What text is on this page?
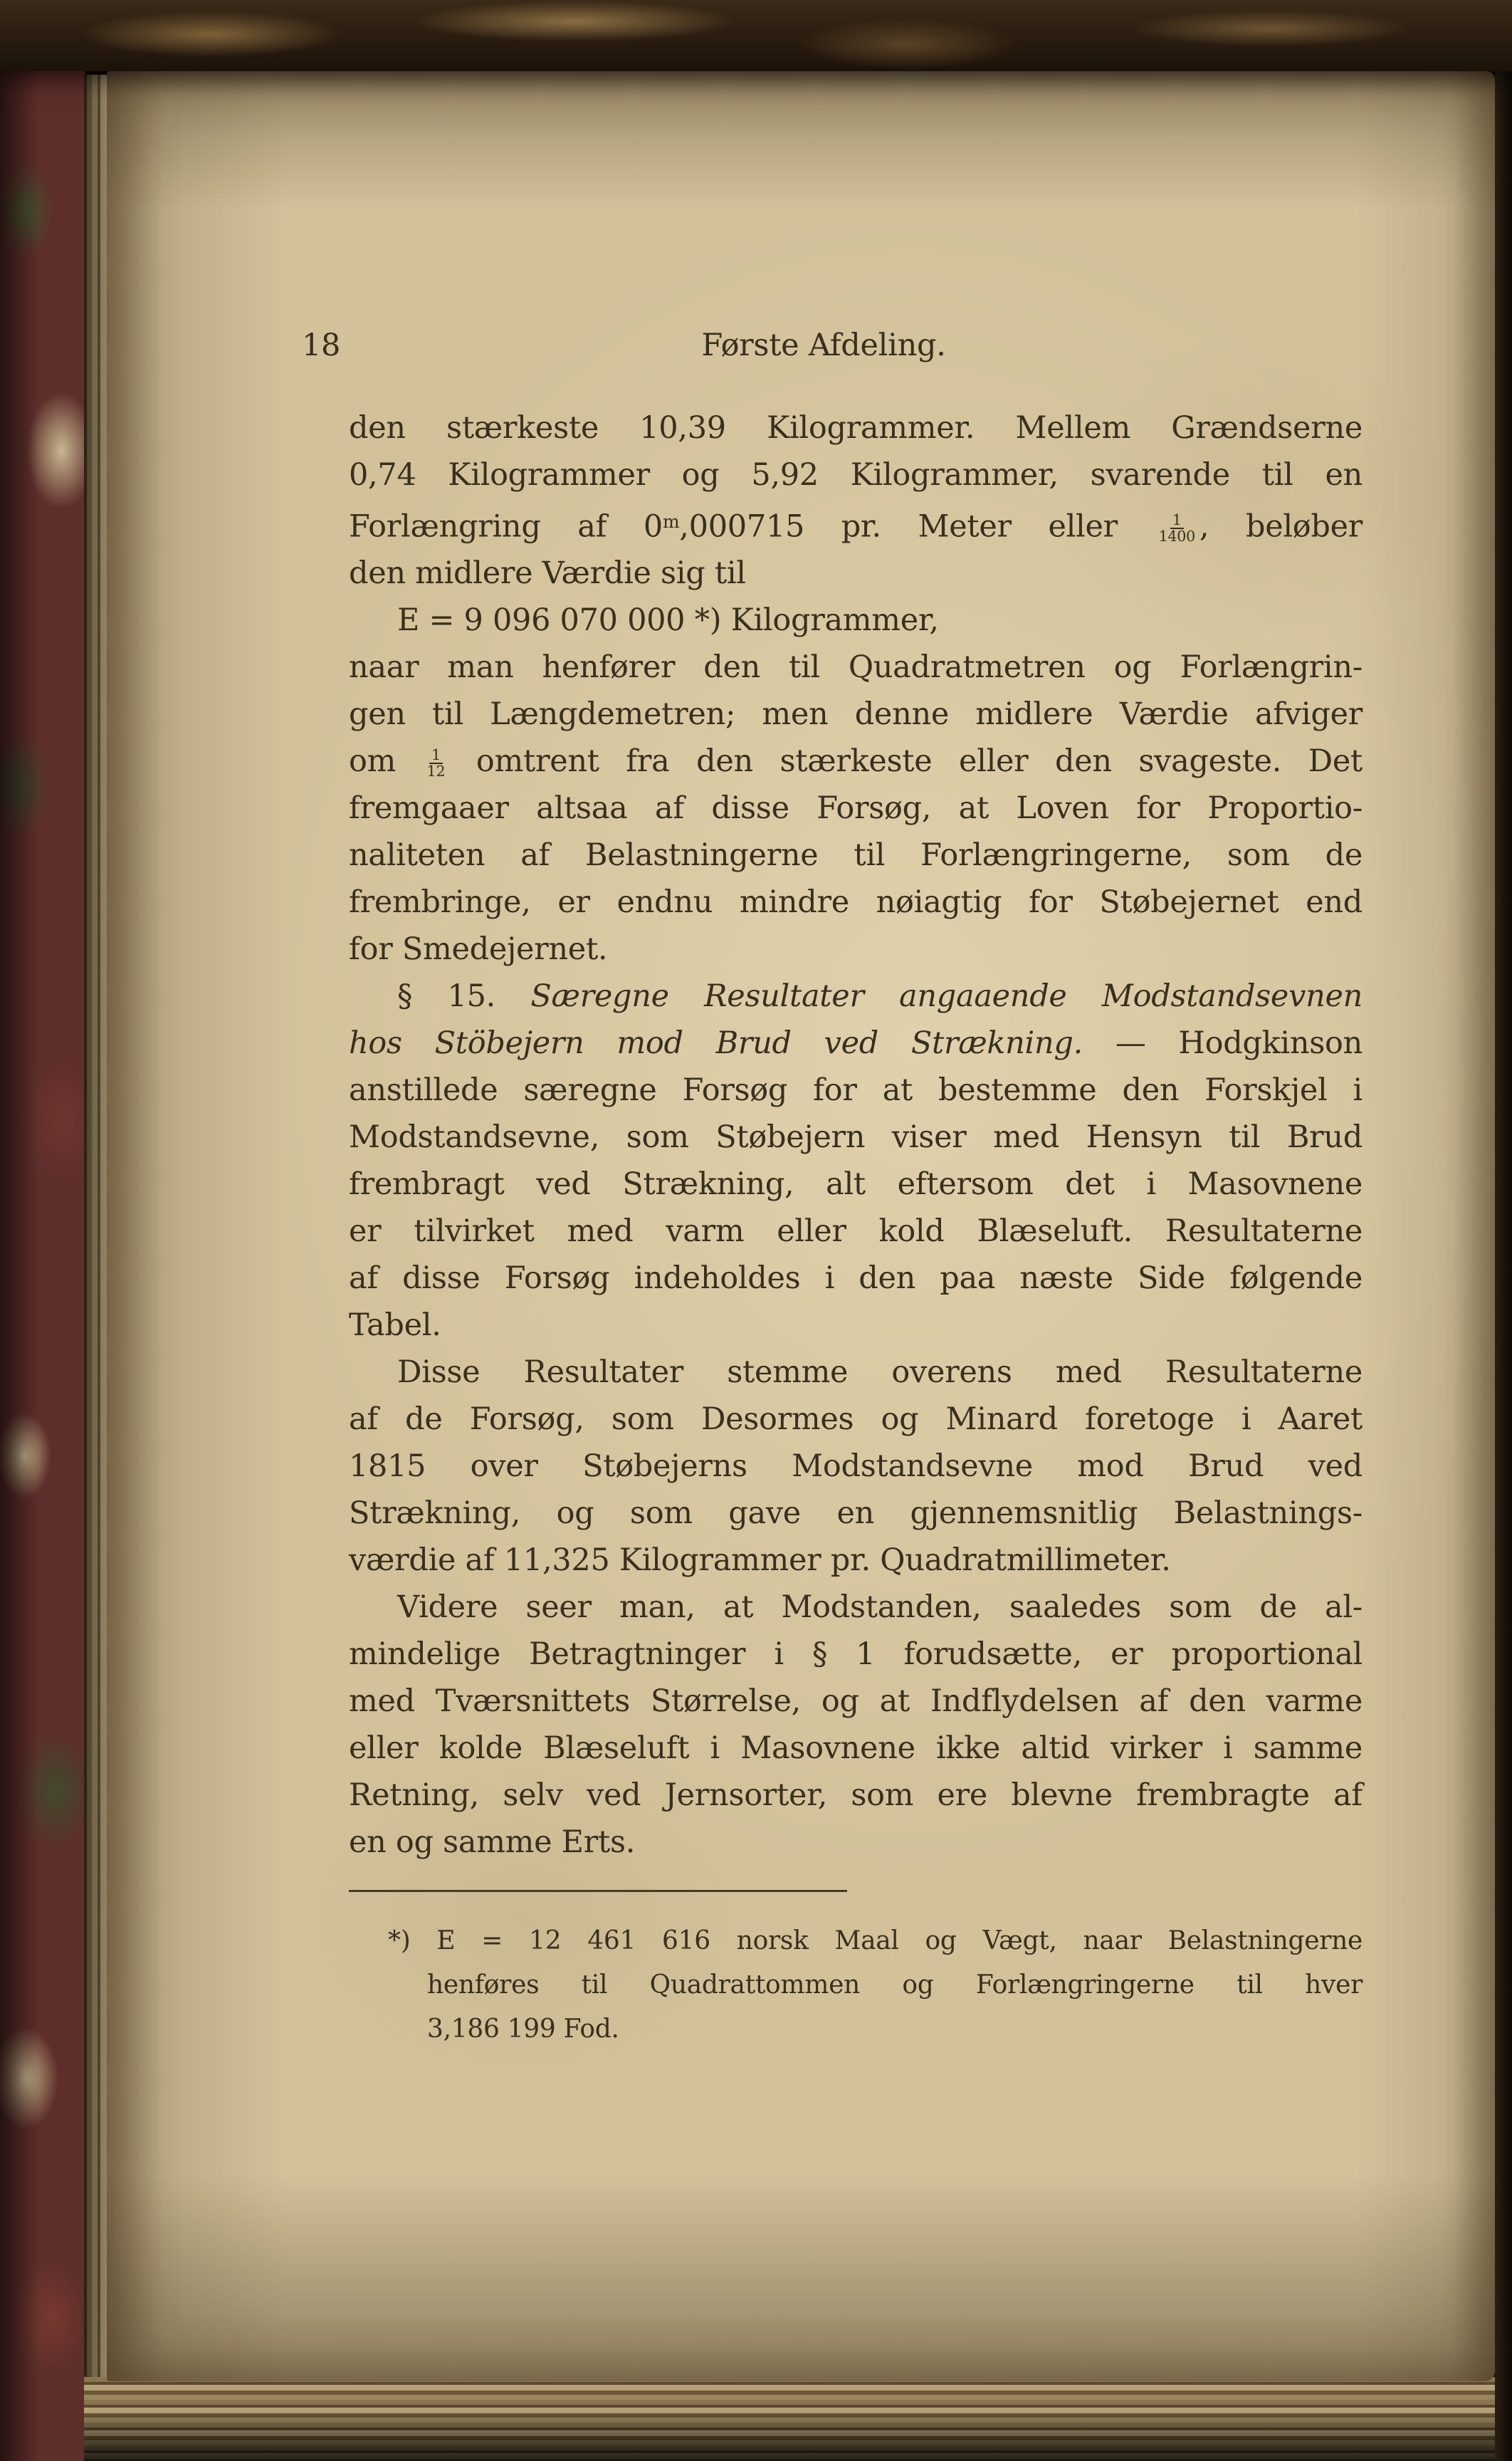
18	Første Afdeling.
den stærkeste 10,39 Kilogrammer. Mellem Grændserne
0,74 Kilogrammer og 5,92 Kilogrammer, svarende til en
Forlængring af 0$^m$,000715 pr. Meter eller $\frac{1}{1400}$ , beløber
den midlere Værdie sig til
E = 9 096 070 000 *) Kilogrammer,
naar man henfører den til Quadratmetren og Forlængrin-
gen til Længdemetren; men denne midlere Værdie afviger
om $\frac{1}{12}$ omtrent fra den stærkeste eller den svageste. Det
fremgaaer altsaa af disse Forsøg, at Loven for Proportio-
naliteten af Belastningerne til Forlængringerne, som de
frembringe, er endnu mindre nøiagtig for Støbejernet end
for Smedejernet.
§ 15. Særegne Resultater angaaende Modstandsevnen
hos Stöbejern mod Brud ved Strækning. — Hodgkinson
anstillede særegne Forsøg for at bestemme den Forskjel i
Modstandsevne, som Støbejern viser med Hensyn til Brud
frembragt ved Strækning, alt eftersom det i Masovnene
er tilvirket med varm eller kold Blæseluft. Resultaterne
af disse Forsøg indeholdes i den paa næste Side følgende
Tabel.
Disse Resultater stemme overens med Resultaterne
af de Forsøg, som Desormes og Minard foretoge i Aaret
1815 over Støbejerns Modstandsevne mod Brud ved
Strækning, og som gave en gjennemsnitlig Belastnings-
værdie af 11,325 Kilogrammer pr. Quadratmillimeter.
Videre seer man, at Modstanden, saaledes som de al-
mindelige Betragtninger i § 1 forudsætte, er proportional
med Tværsnittets Størrelse, og at Indflydelsen af den varme
eller kolde Blæseluft i Masovnene ikke altid virker i samme
Retning, selv ved Jernsorter, som ere blevne frembragte af
en og samme Erts.
*) E = 12 461 616 norsk Maal og Vægt, naar Belastningerne
henføres til Quadrattommen og Forlængringerne til hver
3,186 199 Fod.
